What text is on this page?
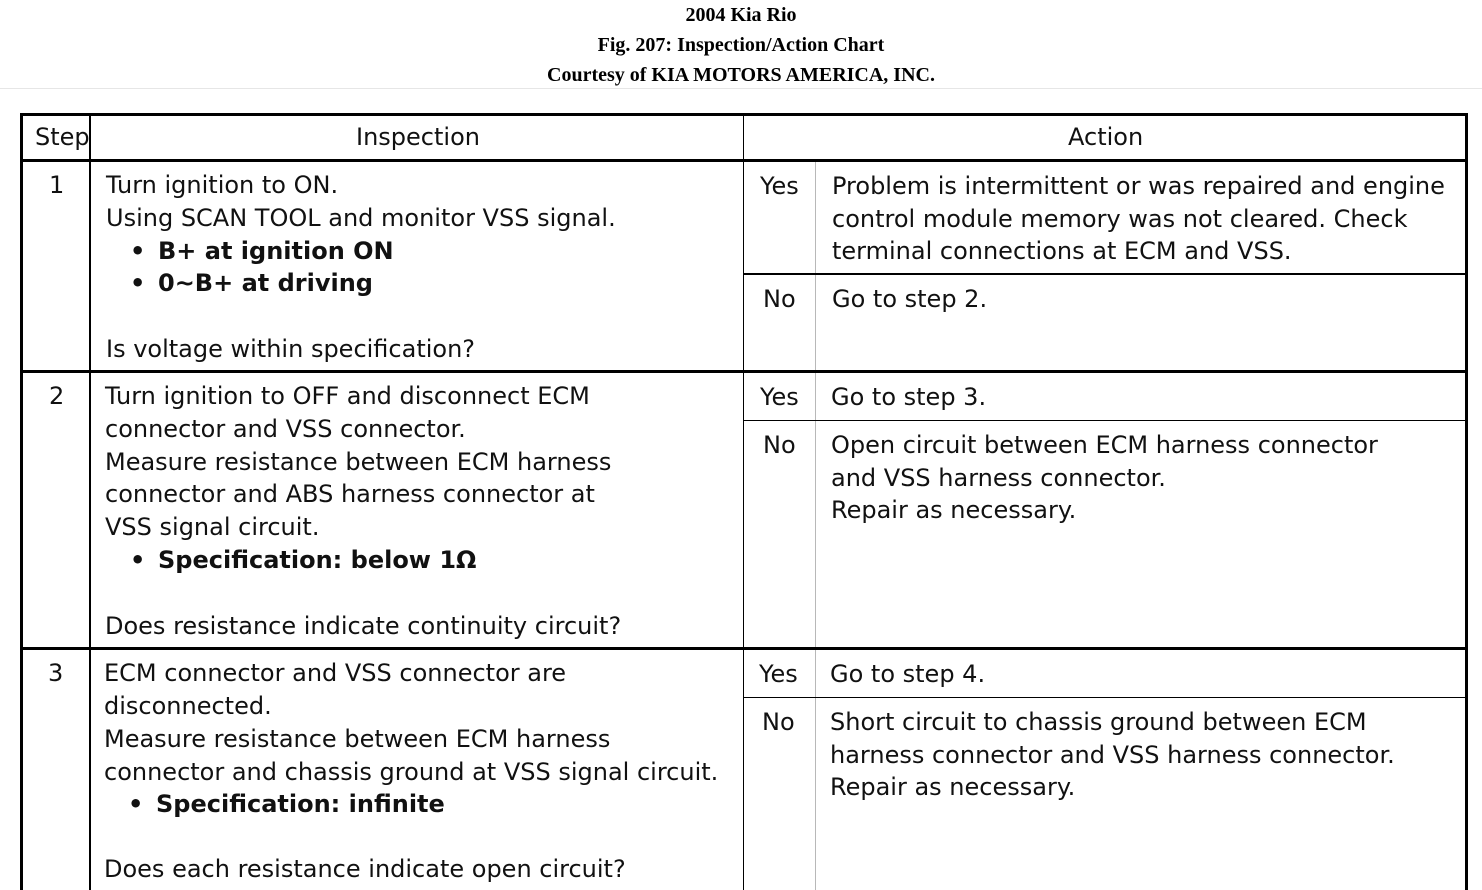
2004 Kia Rio
Fig. 207: Inspection/Action Chart
Courtesy of KIA MOTORS AMERICA, INC.

Step	Inspection	Action

1 Turn ignition to ON.

Using SCAN TOOL and monitor VSS signal.

• B+ at ignition ON

• 0~B+ at driving

Is voltage within specification?

Yes Problem is intermittent or was repaired and engine

control module memory was not cleared. Check

terminal connections at ECM and VSS.

No Go to step 2.

2 Turn ignition to OFF and disconnect ECM

connector and VSS connector.

Measure resistance between ECM harness

connector and ABS harness connector at

VSS signal circuit.

• Specification: below 1Ω

Does resistance indicate continuity circuit?

Yes Go to step 3.

No Open circuit between ECM harness connector

and VSS harness connector.

Repair as necessary.

3 ECM connector and VSS connector are

disconnected.

Measure resistance between ECM harness

connector and chassis ground at VSS signal circuit.

• Specification: infinite

Does each resistance indicate open circuit?

Yes Go to step 4.

No Short circuit to chassis ground between ECM

harness connector and VSS harness connector.

Repair as necessary.
